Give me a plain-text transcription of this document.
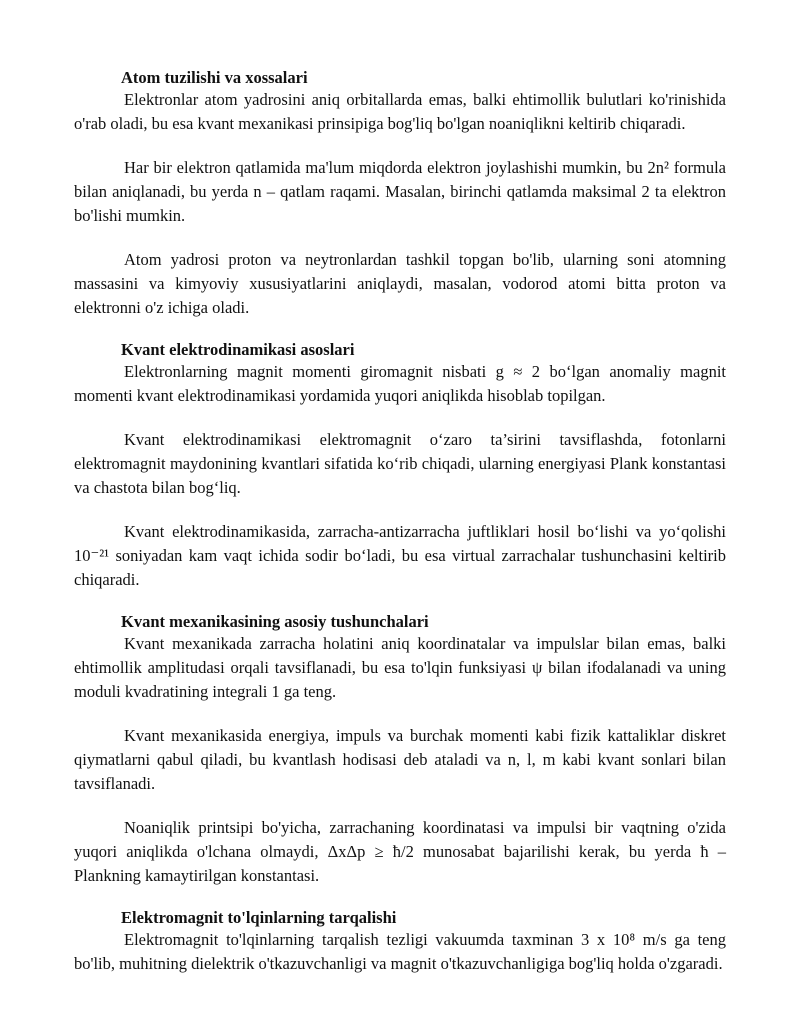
Atom tuzilishi va xossalari

Elektronlar atom yadrosini aniq orbitallarda emas, balki ehtimollik bulutlari ko'rinishida o'rab oladi, bu esa kvant mexanikasi prinsipiga bog'liq bo'lgan noaniqlikni keltirib chiqaradi.

Har bir elektron qatlamida ma'lum miqdorda elektron joylashishi mumkin, bu 2n² formula bilan aniqlanadi, bu yerda n – qatlam raqami. Masalan, birinchi qatlamda maksimal 2 ta elektron bo'lishi mumkin.

Atom yadrosi proton va neytronlardan tashkil topgan bo'lib, ularning soni atomning massasini va kimyoviy xususiyatlarini aniqlaydi, masalan, vodorod atomi bitta proton va elektronni o'z ichiga oladi.

Kvant elektrodinamikasi asoslari

Elektronlarning magnit momenti giromagnit nisbati g ≈ 2 bo‘lgan anomaliy magnit momenti kvant elektrodinamikasi yordamida yuqori aniqlikda hisoblab topilgan.

Kvant elektrodinamikasi elektromagnit o‘zaro ta’sirini tavsiflashda, fotonlarni elektromagnit maydonining kvantlari sifatida ko‘rib chiqadi, ularning energiyasi Plank konstantasi va chastota bilan bog‘liq.

Kvant elektrodinamikasida, zarracha-antizarracha juftliklari hosil bo‘lishi va yo‘qolishi 10⁻²¹ soniyadan kam vaqt ichida sodir bo‘ladi, bu esa virtual zarrachalar tushunchasini keltirib chiqaradi.

Kvant mexanikasining asosiy tushunchalari

Kvant mexanikada zarracha holatini aniq koordinatalar va impulslar bilan emas, balki ehtimollik amplitudasi orqali tavsiflanadi, bu esa to'lqin funksiyasi ψ bilan ifodalanadi va uning moduli kvadratining integrali 1 ga teng.

Kvant mexanikasida energiya, impuls va burchak momenti kabi fizik kattaliklar diskret qiymatlarni qabul qiladi, bu kvantlash hodisasi deb ataladi va n, l, m kabi kvant sonlari bilan tavsiflanadi.

Noaniqlik printsipi bo'yicha, zarrachaning koordinatasi va impulsi bir vaqtning o'zida yuqori aniqlikda o'lchana olmaydi, ΔxΔp ≥ ħ/2 munosabat bajarilishi kerak, bu yerda ħ – Plankning kamaytirilgan konstantasi.

Elektromagnit to'lqinlarning tarqalishi

Elektromagnit to'lqinlarning tarqalish tezligi vakuumda taxminan 3 x 10⁸ m/s ga teng bo'lib, muhitning dielektrik o'tkazuvchanligi va magnit o'tkazuvchanligiga bog'liq holda o'zgaradi.
